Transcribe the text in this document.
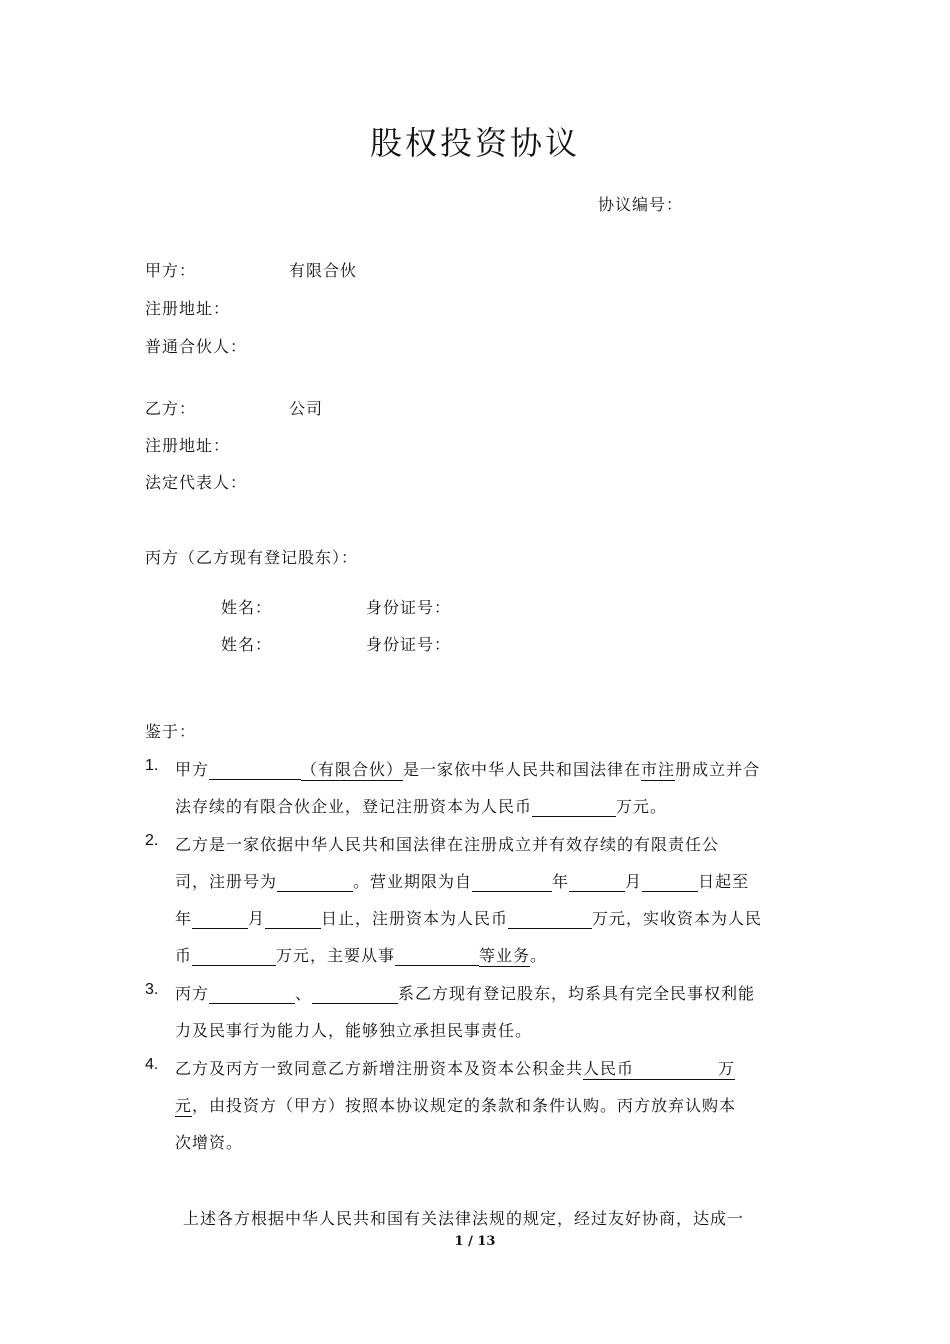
股权投资协议
协议编号：
甲方：	有限合伙
注册地址：
普通合伙人：
乙方：	公司
注册地址：
法定代表人：
丙方（乙方现有登记股东）：
姓名：	身份证号：
姓名：	身份证号：
鉴于：
1. 甲方	（有限合伙）是一家依中华人民共和国法律在市注册成立并合
法存续的有限合伙企业，登记注册资本为人民币	万元。
2. 乙方是一家依据中华人民共和国法律在注册成立并有效存续的有限责任公
司，注册号为	。营业期限为自	年	月	日起至
年	月	日止，注册资本为人民币	万元，实收资本为人民
币	万元，主要从事	等业务。
3. 丙方	、	系乙方现有登记股东，均系具有完全民事权利能
力及民事行为能力人，能够独立承担民事责任。
4. 乙方及丙方一致同意乙方新增注册资本及资本公积金共人民币	万
元，由投资方（甲方）按照本协议规定的条款和条件认购。丙方放弃认购本
次增资。
上述各方根据中华人民共和国有关法律法规的规定，经过友好协商，达成一
1 / 13
